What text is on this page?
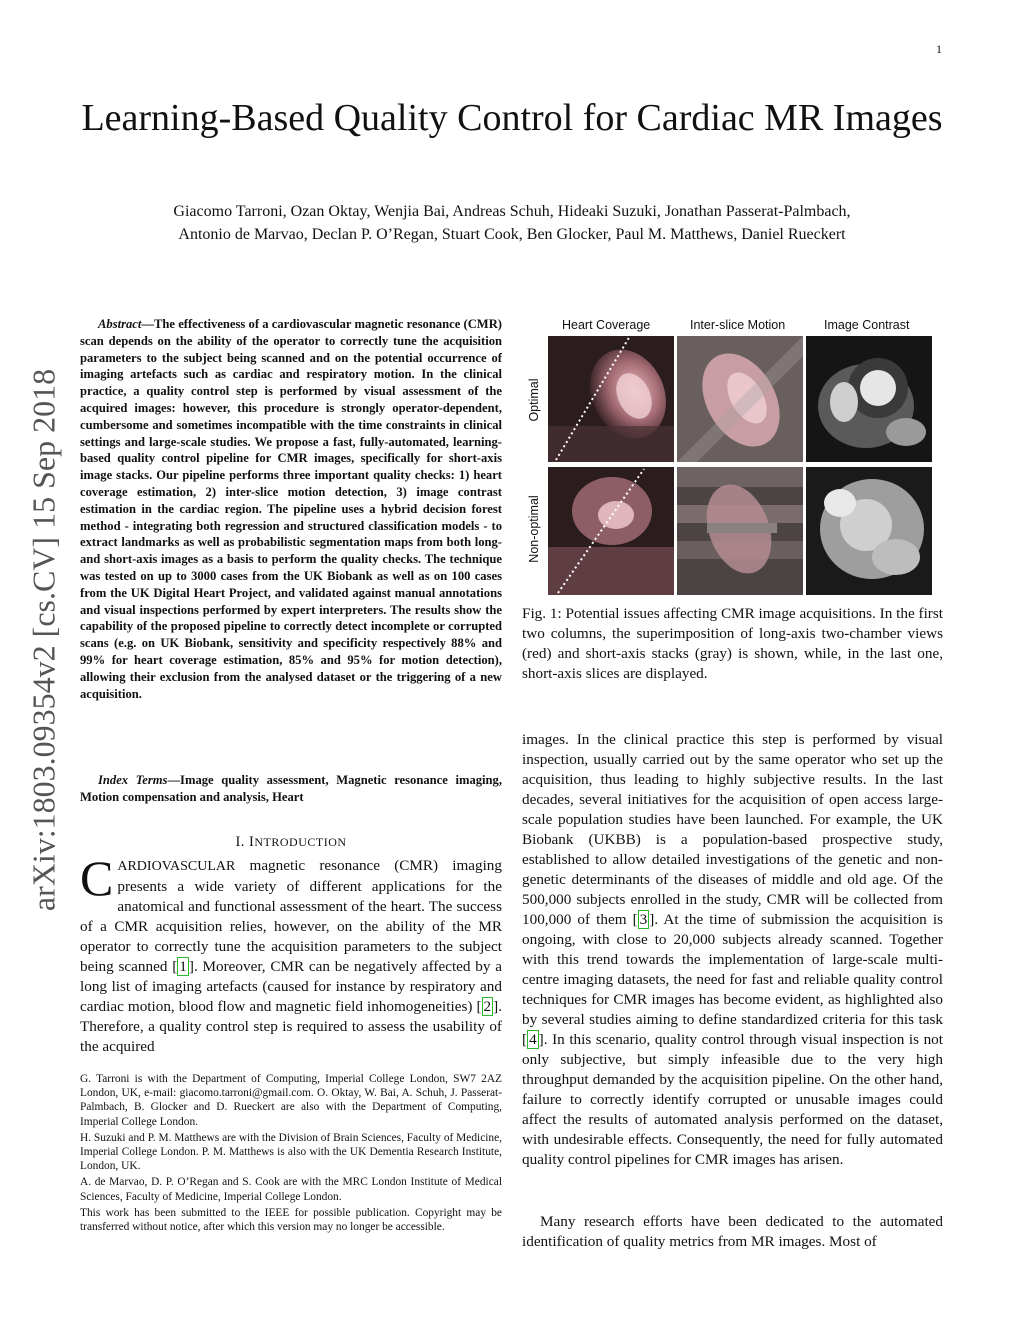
1
arXiv:1803.09354v2 [cs.CV] 15 Sep 2018
Learning-Based Quality Control for Cardiac MR Images
Giacomo Tarroni, Ozan Oktay, Wenjia Bai, Andreas Schuh, Hideaki Suzuki, Jonathan Passerat-Palmbach,
Antonio de Marvao, Declan P. O’Regan, Stuart Cook, Ben Glocker, Paul M. Matthews, Daniel Rueckert

Abstract—The effectiveness of a cardiovascular magnetic resonance (CMR) scan depends on the ability of the operator to correctly tune the acquisition parameters to the subject being scanned and on the potential occurrence of imaging artefacts such as cardiac and respiratory motion. In the clinical practice, a quality control step is performed by visual assessment of the acquired images: however, this procedure is strongly operator-dependent, cumbersome and sometimes incompatible with the time constraints in clinical settings and large-scale studies. We propose a fast, fully-automated, learning-based quality control pipeline for CMR images, specifically for short-axis image stacks. Our pipeline performs three important quality checks: 1) heart coverage estimation, 2) inter-slice motion detection, 3) image contrast estimation in the cardiac region. The pipeline uses a hybrid decision forest method - integrating both regression and structured classification models - to extract landmarks as well as probabilistic segmentation maps from both long- and short-axis images as a basis to perform the quality checks. The technique was tested on up to 3000 cases from the UK Biobank as well as on 100 cases from the UK Digital Heart Project, and validated against manual annotations and visual inspections performed by expert interpreters. The results show the capability of the proposed pipeline to correctly detect incomplete or corrupted scans (e.g. on UK Biobank, sensitivity and specificity respectively 88% and 99% for heart coverage estimation, 85% and 95% for motion detection), allowing their exclusion from the analysed dataset or the triggering of a new acquisition.

Index Terms—Image quality assessment, Magnetic resonance imaging, Motion compensation and analysis, Heart

I. INTRODUCTION

CARDIOVASCULAR magnetic resonance (CMR) imaging presents a wide variety of different applications for the anatomical and functional assessment of the heart. The success of a CMR acquisition relies, however, on the ability of the MR operator to correctly tune the acquisition parameters to the subject being scanned [ 1 ]. Moreover, CMR can be negatively affected by a long list of imaging artefacts (caused for instance by respiratory and cardiac motion, blood flow and magnetic field inhomogeneities) [ 2 ]. Therefore, a quality control step is required to assess the usability of the acquired

G. Tarroni is with the Department of Computing, Imperial College London, SW7 2AZ London, UK, e-mail: giacomo.tarroni@gmail.com. O. Oktay, W. Bai, A. Schuh, J. Passerat-Palmbach, B. Glocker and D. Rueckert are also with the Department of Computing, Imperial College London.

H. Suzuki and P. M. Matthews are with the Division of Brain Sciences, Faculty of Medicine, Imperial College London. P. M. Matthews is also with the UK Dementia Research Institute, London, UK.

A. de Marvao, D. P. O’Regan and S. Cook are with the MRC London Institute of Medical Sciences, Faculty of Medicine, Imperial College London.

This work has been submitted to the IEEE for possible publication. Copyright may be transferred without notice, after which this version may no longer be accessible.

Heart Coverage	Inter-slice Motion	Image Contrast
Optimal
Non-optimal

Fig. 1: Potential issues affecting CMR image acquisitions. In the first two columns, the superimposition of long-axis two-chamber views (red) and short-axis stacks (gray) is shown, while, in the last one, short-axis slices are displayed.

images. In the clinical practice this step is performed by visual inspection, usually carried out by the same operator who set up the acquisition, thus leading to highly subjective results. In the last decades, several initiatives for the acquisition of open access large-scale population studies have been launched. For example, the UK Biobank (UKBB) is a population-based prospective study, established to allow detailed investigations of the genetic and non-genetic determinants of the diseases of middle and old age. Of the 500,000 subjects enrolled in the study, CMR will be collected from 100,000 of them [ 3 ]. At the time of submission the acquisition is ongoing, with close to 20,000 subjects already scanned. Together with this trend towards the implementation of large-scale multi-centre imaging datasets, the need for fast and reliable quality control techniques for CMR images has become evident, as highlighted also by several studies aiming to define standardized criteria for this task [ 4 ]. In this scenario, quality control through visual inspection is not only subjective, but simply infeasible due to the very high throughput demanded by the acquisition pipeline. On the other hand, failure to correctly identify corrupted or unusable images could affect the results of automated analysis performed on the dataset, with undesirable effects. Consequently, the need for fully automated quality control pipelines for CMR images has arisen.

Many research efforts have been dedicated to the automated identification of quality metrics from MR images. Most of
